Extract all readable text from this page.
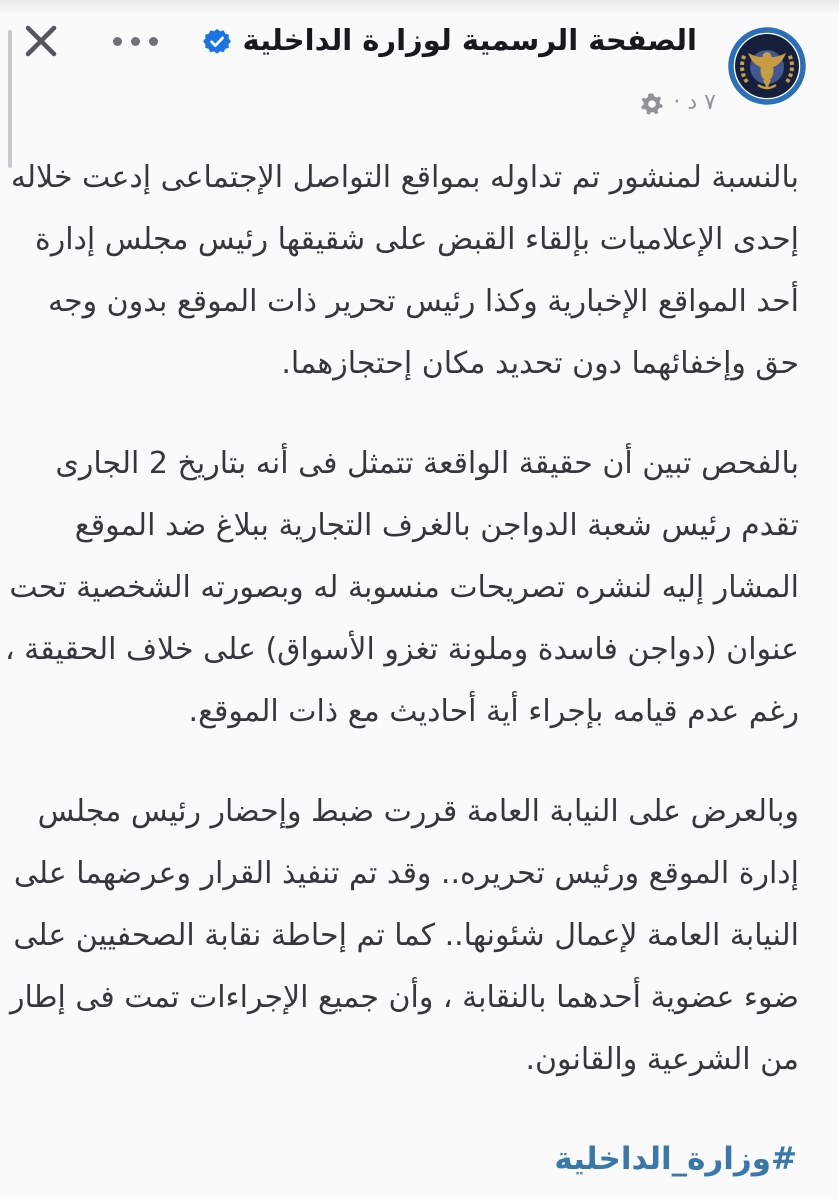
الصفحة الرسمية لوزارة الداخلية
٧ د ·

بالنسبة لمنشور تم تداوله بمواقع التواصل الإجتماعى إدعت خلاله
إحدى الإعلاميات بإلقاء القبض على شقيقها رئيس مجلس إدارة
أحد المواقع الإخبارية وكذا رئيس تحرير ذات الموقع بدون وجه
حق وإخفائهما دون تحديد مكان إحتجازهما.

بالفحص تبين أن حقيقة الواقعة تتمثل فى أنه بتاريخ 2 الجارى
تقدم رئيس شعبة الدواجن بالغرف التجارية ببلاغ ضد الموقع
المشار إليه لنشره تصريحات منسوبة له وبصورته الشخصية تحت
عنوان (دواجن فاسدة وملونة تغزو الأسواق) على خلاف الحقيقة ،
رغم عدم قيامه بإجراء أية أحاديث مع ذات الموقع.

وبالعرض على النيابة العامة قررت ضبط وإحضار رئيس مجلس
إدارة الموقع ورئيس تحريره.. وقد تم تنفيذ القرار وعرضهما على
النيابة العامة لإعمال شئونها.. كما تم إحاطة نقابة الصحفيين على
ضوء عضوية أحدهما بالنقابة ، وأن جميع الإجراءات تمت فى إطار
من الشرعية والقانون.

#وزارة_الداخلية
